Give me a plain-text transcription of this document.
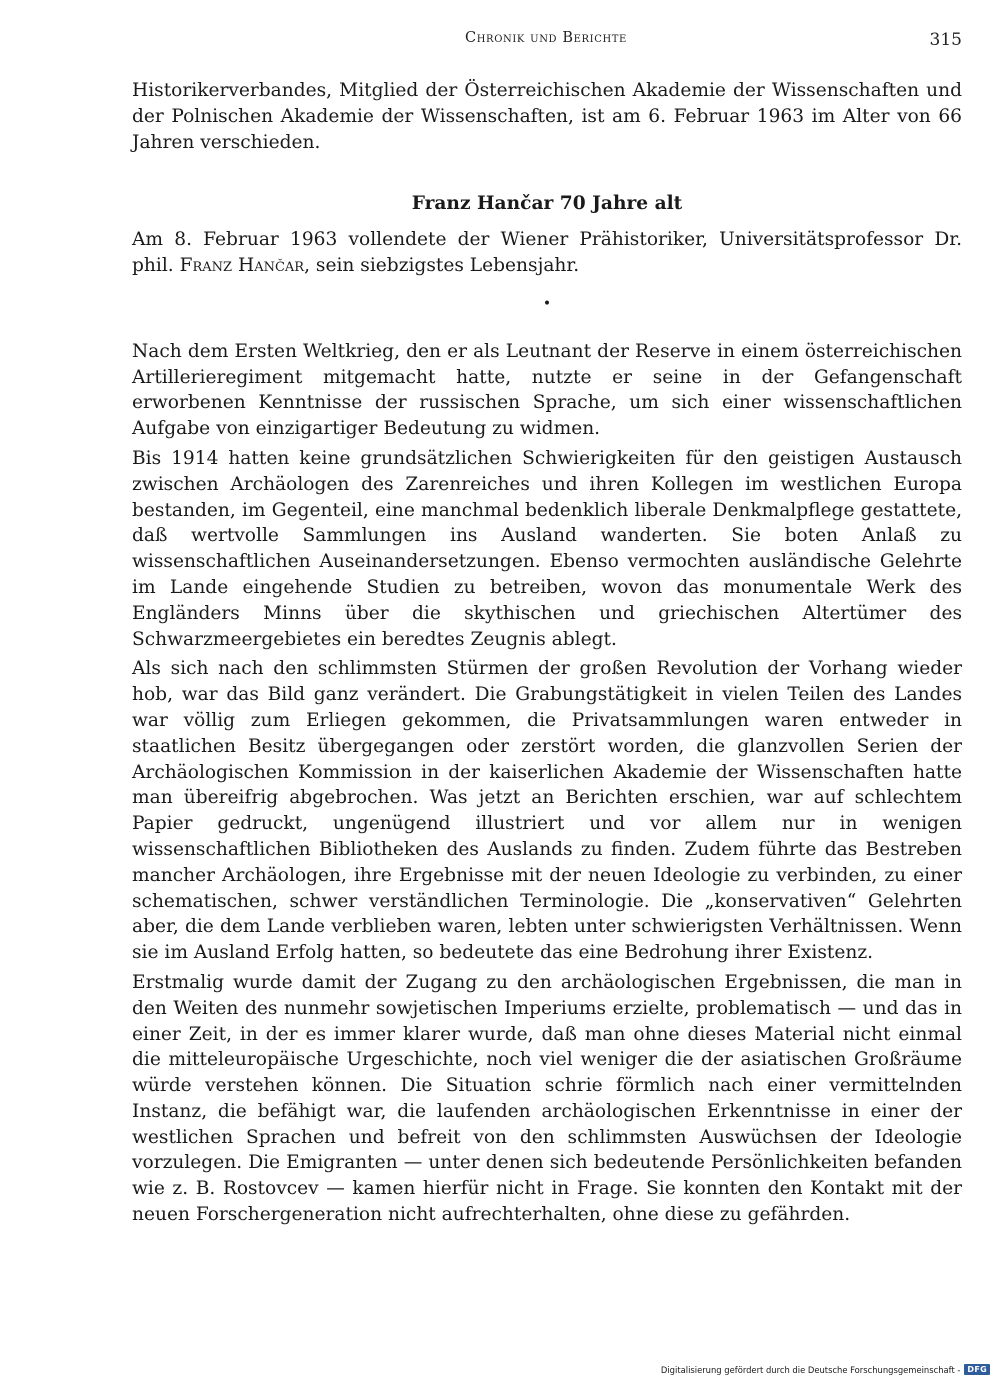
Chronik und Berichte	315

Historikerverbandes, Mitglied der Österreichischen Akademie der Wissenschaften und der Polnischen Akademie der Wissenschaften, ist am 6. Februar 1963 im Alter von 66 Jahren verschieden.

Franz Hančar 70 Jahre alt

Am 8. Februar 1963 vollendete der Wiener Prähistoriker, Universitätsprofessor Dr. phil. Franz Hančar, sein siebzigstes Lebensjahr.

•

Nach dem Ersten Weltkrieg, den er als Leutnant der Reserve in einem österreichischen Artillerieregiment mitgemacht hatte, nutzte er seine in der Gefangenschaft erworbenen Kenntnisse der russischen Sprache, um sich einer wissenschaftlichen Aufgabe von einzigartiger Bedeutung zu widmen.

Bis 1914 hatten keine grundsätzlichen Schwierigkeiten für den geistigen Austausch zwischen Archäologen des Zarenreiches und ihren Kollegen im westlichen Europa bestanden, im Gegenteil, eine manchmal bedenklich liberale Denkmalpflege gestattete, daß wertvolle Sammlungen ins Ausland wanderten. Sie boten Anlaß zu wissenschaftlichen Auseinandersetzungen. Ebenso vermochten ausländische Gelehrte im Lande eingehende Studien zu betreiben, wovon das monumentale Werk des Engländers Minns über die skythischen und griechischen Altertümer des Schwarzmeergebietes ein beredtes Zeugnis ablegt.

Als sich nach den schlimmsten Stürmen der großen Revolution der Vorhang wieder hob, war das Bild ganz verändert. Die Grabungstätigkeit in vielen Teilen des Landes war völlig zum Erliegen gekommen, die Privatsammlungen waren entweder in staatlichen Besitz übergegangen oder zerstört worden, die glanzvollen Serien der Archäologischen Kommission in der kaiserlichen Akademie der Wissenschaften hatte man übereifrig abgebrochen. Was jetzt an Berichten erschien, war auf schlechtem Papier gedruckt, ungenügend illustriert und vor allem nur in wenigen wissenschaftlichen Bibliotheken des Auslands zu finden. Zudem führte das Bestreben mancher Archäologen, ihre Ergebnisse mit der neuen Ideologie zu verbinden, zu einer schematischen, schwer verständlichen Terminologie. Die „konservativen“ Gelehrten aber, die dem Lande verblieben waren, lebten unter schwierigsten Verhältnissen. Wenn sie im Ausland Erfolg hatten, so bedeutete das eine Bedrohung ihrer Existenz.

Erstmalig wurde damit der Zugang zu den archäologischen Ergebnissen, die man in den Weiten des nunmehr sowjetischen Imperiums erzielte, problematisch — und das in einer Zeit, in der es immer klarer wurde, daß man ohne dieses Material nicht einmal die mitteleuropäische Urgeschichte, noch viel weniger die der asiatischen Großräume würde verstehen können. Die Situation schrie förmlich nach einer vermittelnden Instanz, die befähigt war, die laufenden archäologischen Erkenntnisse in einer der westlichen Sprachen und befreit von den schlimmsten Auswüchsen der Ideologie vorzulegen. Die Emigranten — unter denen sich bedeutende Persönlichkeiten befanden wie z. B. Rostovcev — kamen hierfür nicht in Frage. Sie konnten den Kontakt mit der neuen Forschergeneration nicht aufrechterhalten, ohne diese zu gefährden.

Digitalisierung gefördert durch die Deutsche Forschungsgemeinschaft - DFG
